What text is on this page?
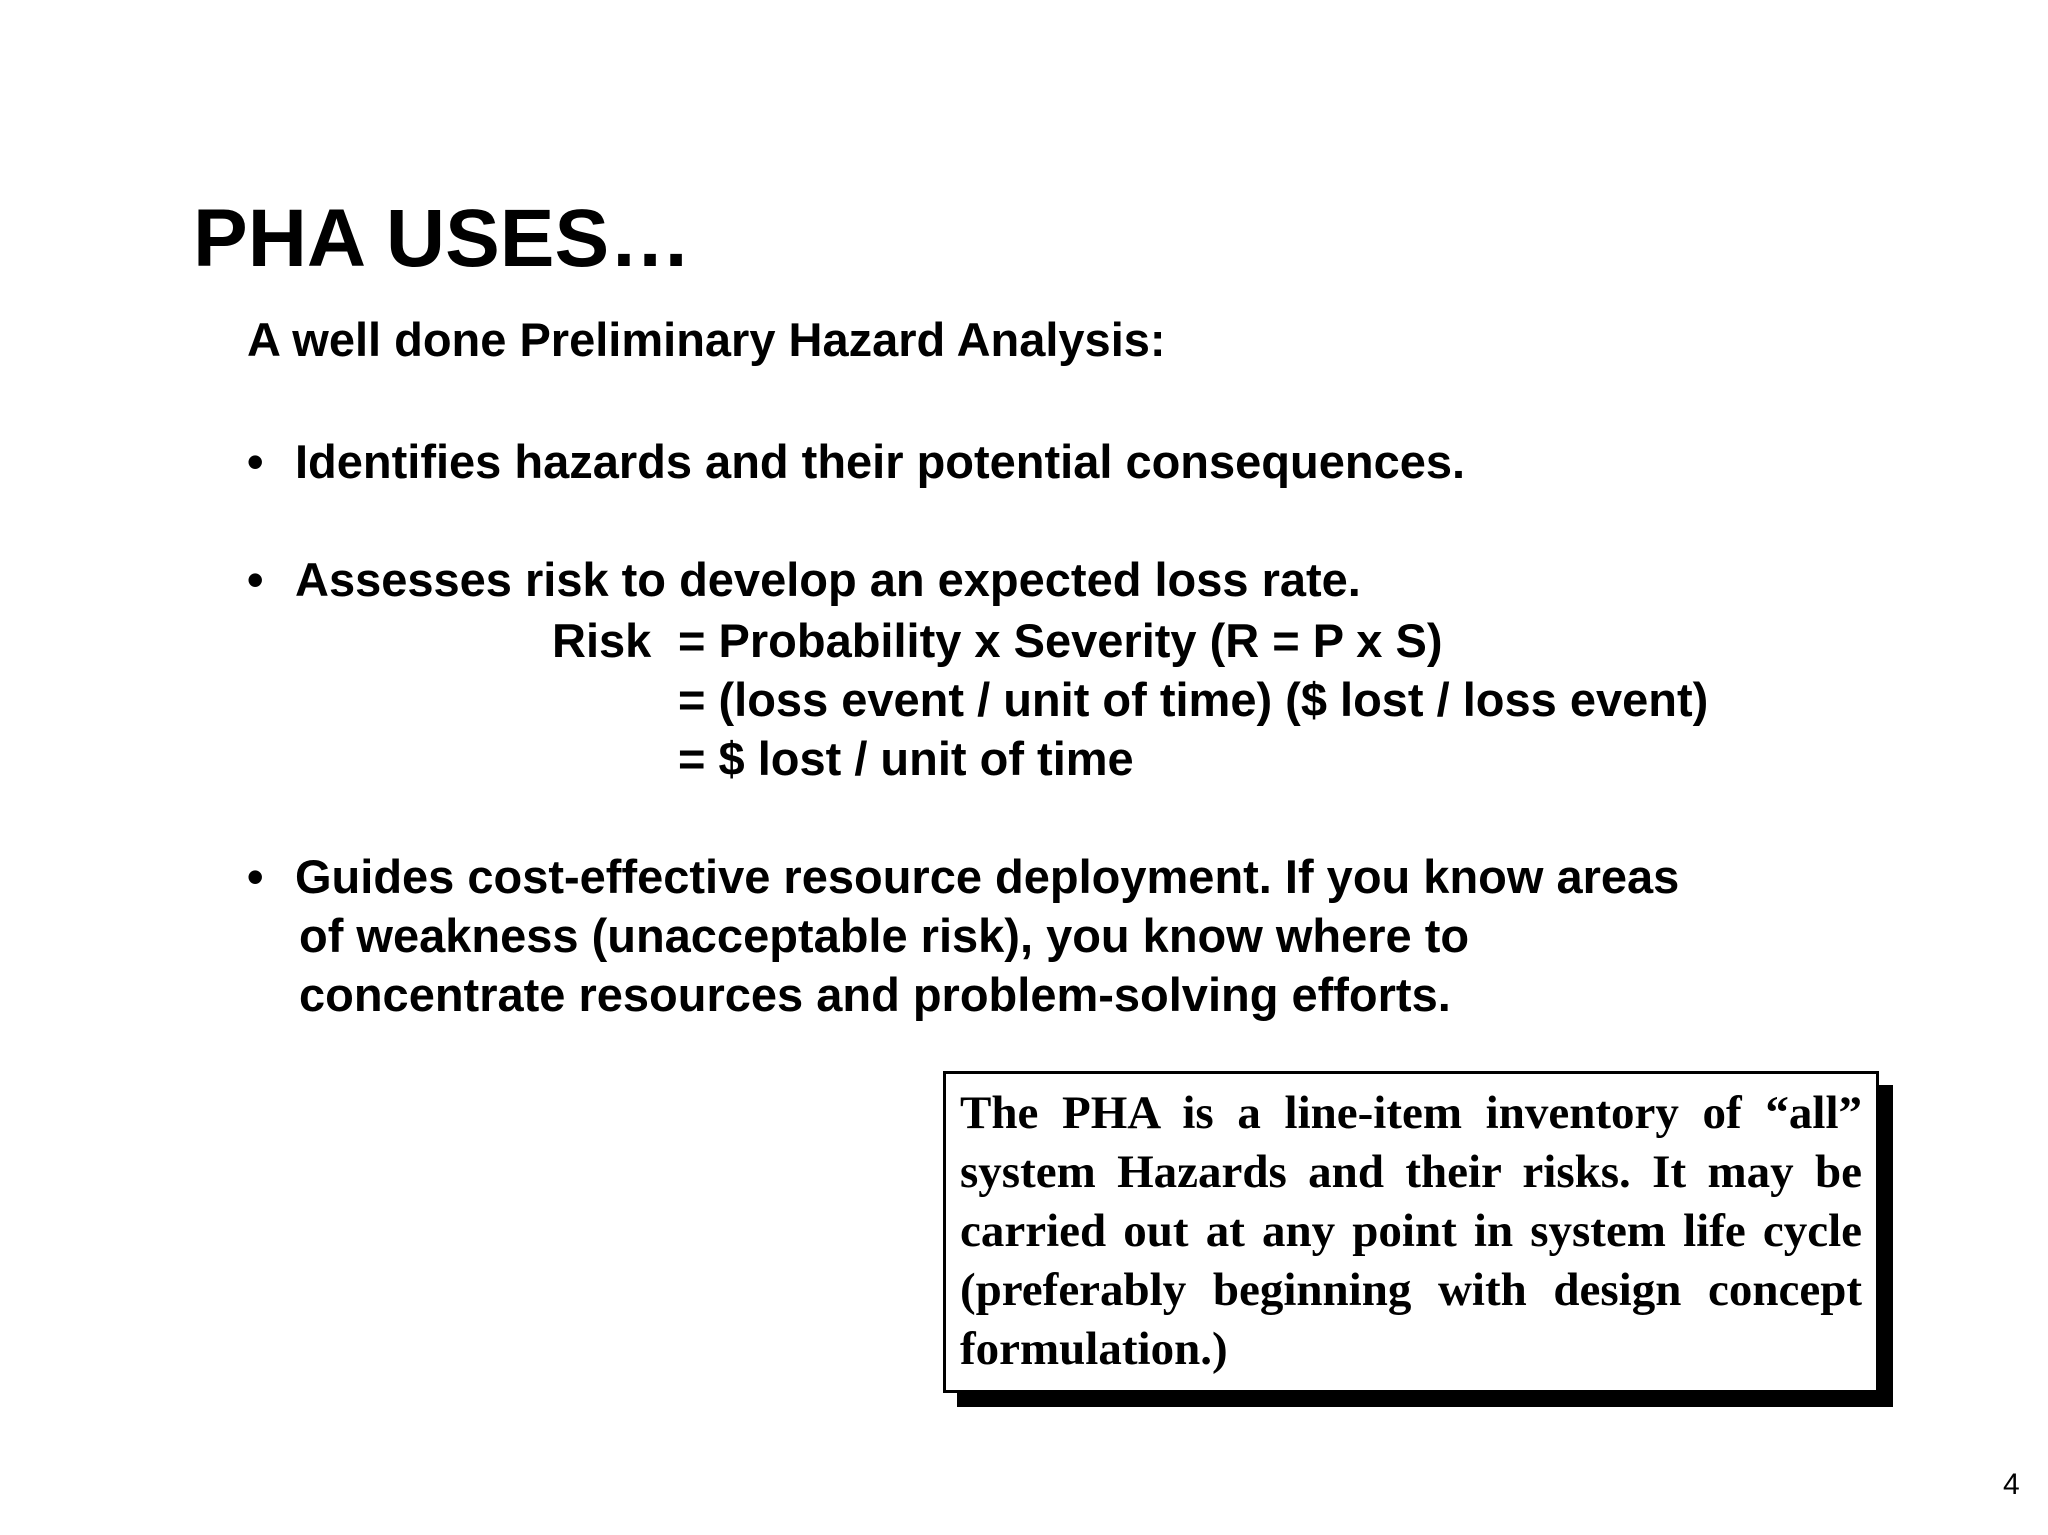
PHA USES…
A well done Preliminary Hazard Analysis:
• Identifies hazards and their potential consequences.
• Assesses risk to develop an expected loss rate.
Risk = Probability x Severity (R = P x S)
= (loss event / unit of time) ($ lost / loss event)
= $ lost / unit of time
• Guides cost-effective resource deployment. If you know areas
of weakness (unacceptable risk), you know where to
concentrate resources and problem-solving efforts.
The PHA is a line-item inventory of “all” system Hazards and their risks. It may be carried out at any point in system life cycle (preferably beginning with design concept formulation.)
4
